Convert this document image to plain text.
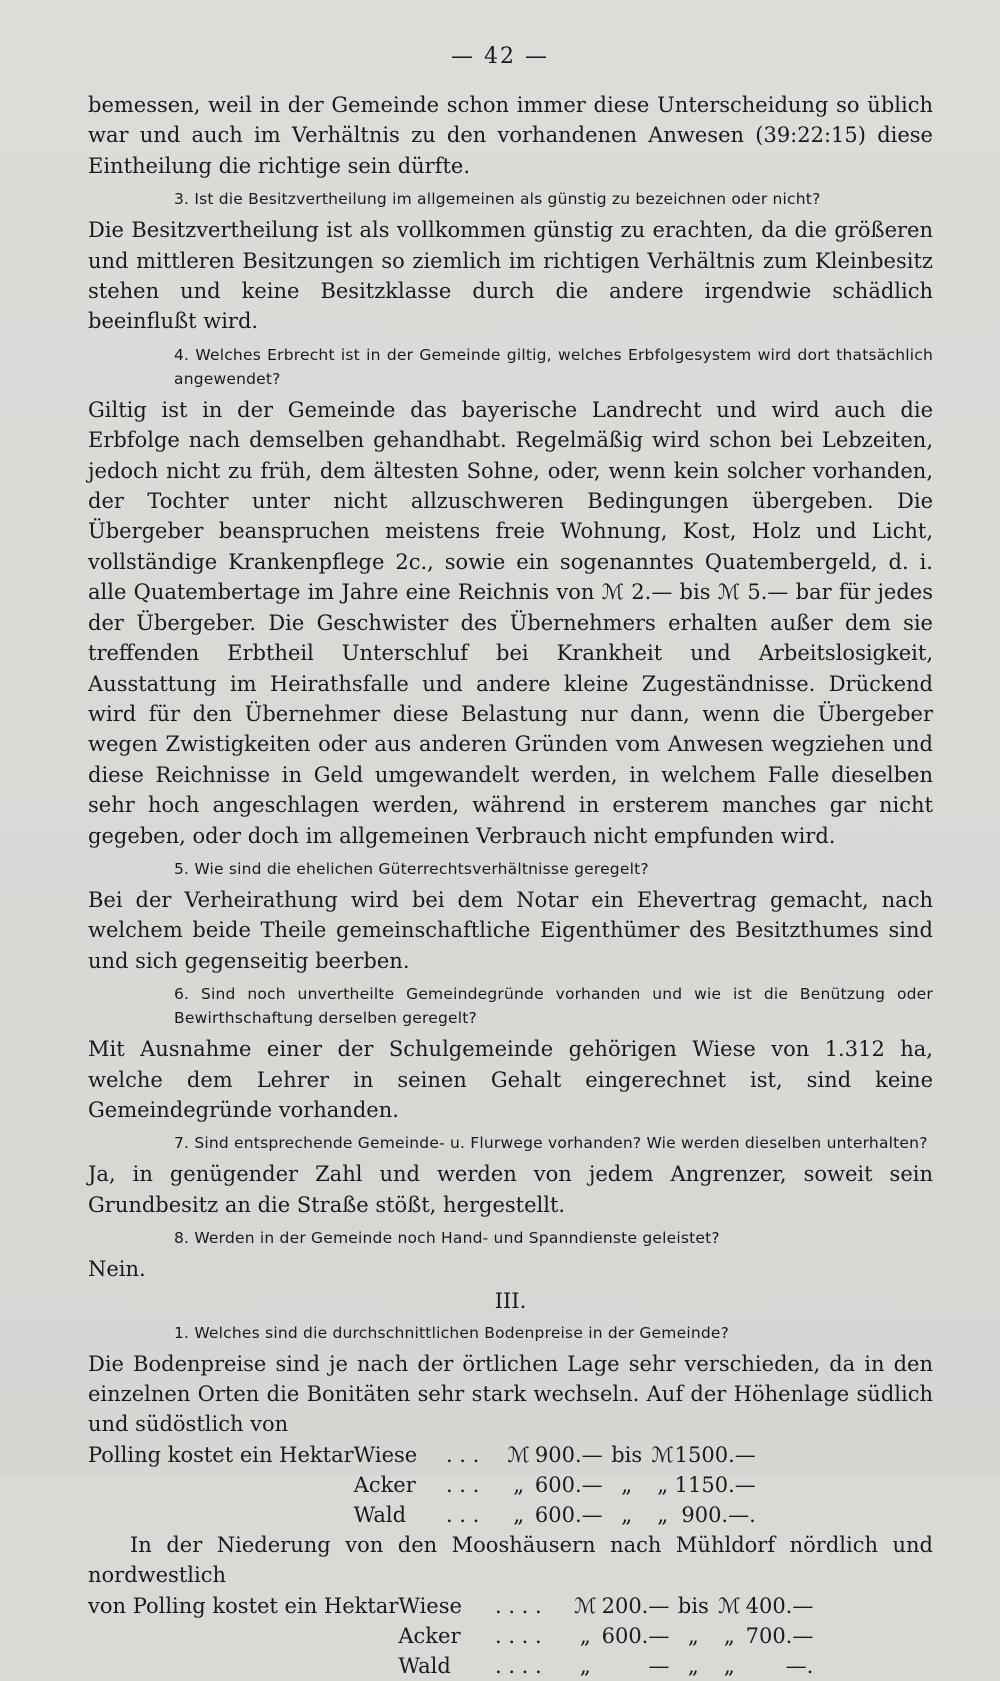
— 42 —

bemessen, weil in der Gemeinde schon immer diese Unterscheidung so üblich war und auch im Verhältnis zu den vorhandenen Anwesen (39:22:15) diese Eintheilung die richtige sein dürfte.

3. Ist die Besitzvertheilung im allgemeinen als günstig zu bezeichnen oder nicht?

Die Besitzvertheilung ist als vollkommen günstig zu erachten, da die größeren und mittleren Besitzungen so ziemlich im richtigen Verhältnis zum Kleinbesitz stehen und keine Besitzklasse durch die andere irgendwie schädlich beeinflußt wird.

4. Welches Erbrecht ist in der Gemeinde giltig, welches Erbfolgesystem wird dort thatsächlich angewendet?

Giltig ist in der Gemeinde das bayerische Landrecht und wird auch die Erbfolge nach demselben gehandhabt. Regelmäßig wird schon bei Lebzeiten, jedoch nicht zu früh, dem ältesten Sohne, oder, wenn kein solcher vorhanden, der Tochter unter nicht allzuschweren Bedingungen übergeben. Die Übergeber beanspruchen meistens freie Wohnung, Kost, Holz und Licht, vollständige Krankenpflege 2c., sowie ein sogenanntes Quatembergeld, d. i. alle Quatembertage im Jahre eine Reichnis von ℳ 2.— bis ℳ 5.— bar für jedes der Übergeber. Die Geschwister des Übernehmers erhalten außer dem sie treffenden Erbtheil Unterschluf bei Krankheit und Arbeitslosigkeit, Ausstattung im Heirathsfalle und andere kleine Zugeständnisse. Drückend wird für den Übernehmer diese Belastung nur dann, wenn die Übergeber wegen Zwistigkeiten oder aus anderen Gründen vom Anwesen wegziehen und diese Reichnisse in Geld umgewandelt werden, in welchem Falle dieselben sehr hoch angeschlagen werden, während in ersterem manches gar nicht gegeben, oder doch im allgemeinen Verbrauch nicht empfunden wird.

5. Wie sind die ehelichen Güterrechtsverhältnisse geregelt?

Bei der Verheirathung wird bei dem Notar ein Ehevertrag gemacht, nach welchem beide Theile gemeinschaftliche Eigenthümer des Besitzthumes sind und sich gegenseitig beerben.

6. Sind noch unvertheilte Gemeindegründe vorhanden und wie ist die Benützung oder Bewirthschaftung derselben geregelt?

Mit Ausnahme einer der Schulgemeinde gehörigen Wiese von 1.312 ha, welche dem Lehrer in seinen Gehalt eingerechnet ist, sind keine Gemeindegründe vorhanden.

7. Sind entsprechende Gemeinde- u. Flurwege vorhanden? Wie werden dieselben unterhalten?

Ja, in genügender Zahl und werden von jedem Angrenzer, soweit sein Grundbesitz an die Straße stößt, hergestellt.

8. Werden in der Gemeinde noch Hand- und Spanndienste geleistet?

Nein.

III.

1. Welches sind die durchschnittlichen Bodenpreise in der Gemeinde?

Die Bodenpreise sind je nach der örtlichen Lage sehr verschieden, da in den einzelnen Orten die Bonitäten sehr stark wechseln. Auf der Höhenlage südlich und südöstlich von

Polling kostet ein Hektar	Wiese	. . .	ℳ	900.—	bis	ℳ	1500.—
	Acker	. . .	„	600.—	„	„	1150.—
	Wald	. . .	„	600.—	„	„	900.—.

In der Niederung von den Mooshäusern nach Mühldorf nördlich und nordwestlich

von Polling kostet ein Hektar	Wiese	. . . .	ℳ	200.—	bis	ℳ	400.—
	Acker	. . . .	„	600.—	„	„	700.—
	Wald	. . . .	„	—	„	„	—.
